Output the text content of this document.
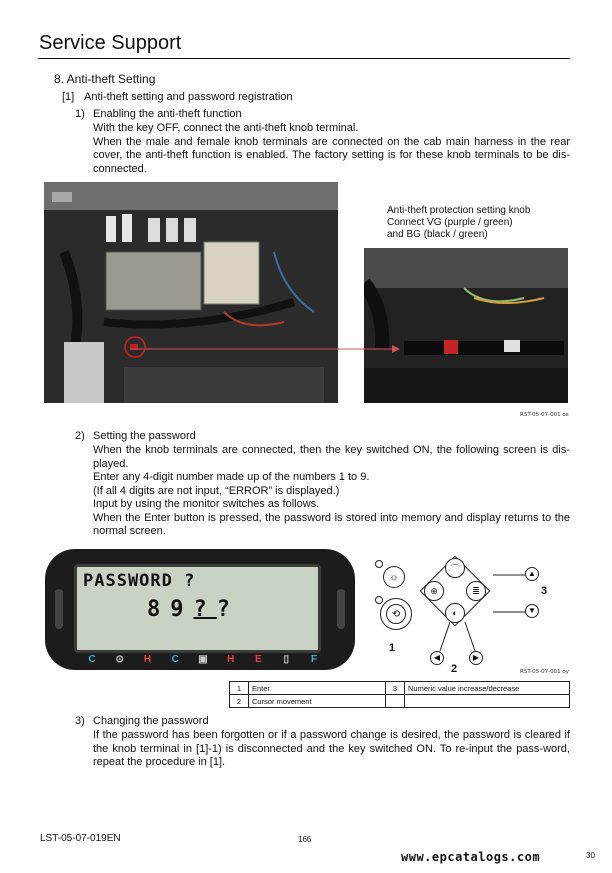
Service Support
8. Anti-theft Setting
[1] Anti-theft setting and password registration
1) Enabling the anti-theft function

With the key OFF, connect the anti-theft knob terminal.

When the male and female knob terminals are connected on the cab main harness in the rear cover, the anti-theft function is enabled. The factory setting is for these knob terminals to be dis-connected.

Anti-theft protection setting knob
Connect VG (purple / green)
and BG (black / green)
RST-05-07-001 ox
2) Setting the password

When the knob terminals are connected, then the key switched ON, the following screen is dis-played.

Enter any 4-digit number made up of the numbers 1 to 9.

(If all 4 digits are not input, “ERROR” is displayed.)

Input by using the monitor switches as follows.

When the Enter button is pressed, the password is stored into memory and display returns to the normal screen.

PASSWORD ?
89??
C	⊙	H	C	▣	H	E	▯	F
☼
⟲
1
⌒
⊕	≣
◐
▲
▼
◀	▶
3
2	RST-05-07-001 oy
1	Enter	3	Numeric value increase/decrease
2	Cursor movement		
3) Changing the password

If the password has been forgotten or if a password change is desired, the password is cleared if the knob terminal in [1]-1) is disconnected and the key switched ON. To re-input the pass-word, repeat the procedure in [1].

LST-05-07-019EN	166
www.epcatalogs.com	30
